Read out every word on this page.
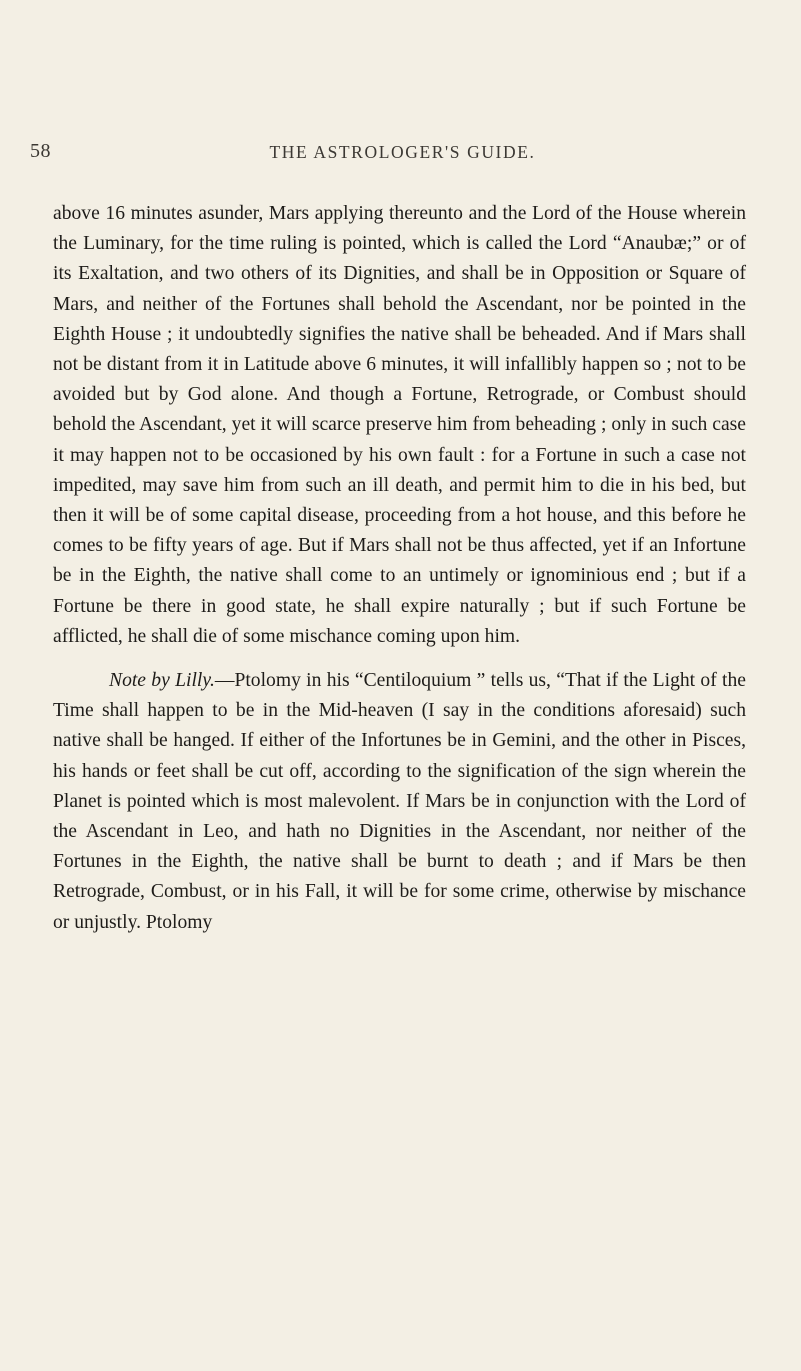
58	THE ASTROLOGER'S GUIDE.

above 16 minutes asunder, Mars applying thereunto and the Lord of the House wherein the Luminary, for the time ruling is pointed, which is called the Lord “Anaubæ;” or of its Exaltation, and two others of its Dignities, and shall be in Opposition or Square of Mars, and neither of the Fortunes shall behold the Ascendant, nor be pointed in the Eighth House ; it undoubtedly signifies the native shall be beheaded. And if Mars shall not be distant from it in Latitude above 6 minutes, it will infallibly happen so ; not to be avoided but by God alone. And though a Fortune, Retrograde, or Combust should behold the Ascendant, yet it will scarce preserve him from beheading ; only in such case it may happen not to be occasioned by his own fault : for a Fortune in such a case not impedited, may save him from such an ill death, and permit him to die in his bed, but then it will be of some capital disease, proceeding from a hot house, and this before he comes to be fifty years of age. But if Mars shall not be thus affected, yet if an Infortune be in the Eighth, the native shall come to an untimely or ignominious end ; but if a Fortune be there in good state, he shall expire naturally ; but if such Fortune be afflicted, he shall die of some mischance coming upon him.

Note by Lilly.—Ptolomy in his “Centiloquium ” tells us, “That if the Light of the Time shall happen to be in the Mid-heaven (I say in the conditions aforesaid) such native shall be hanged. If either of the Infortunes be in Gemini, and the other in Pisces, his hands or feet shall be cut off, according to the signification of the sign wherein the Planet is pointed which is most malevolent. If Mars be in conjunction with the Lord of the Ascendant in Leo, and hath no Dignities in the Ascendant, nor neither of the Fortunes in the Eighth, the native shall be burnt to death ; and if Mars be then Retrograde, Combust, or in his Fall, it will be for some crime, otherwise by mischance or unjustly. Ptolomy
